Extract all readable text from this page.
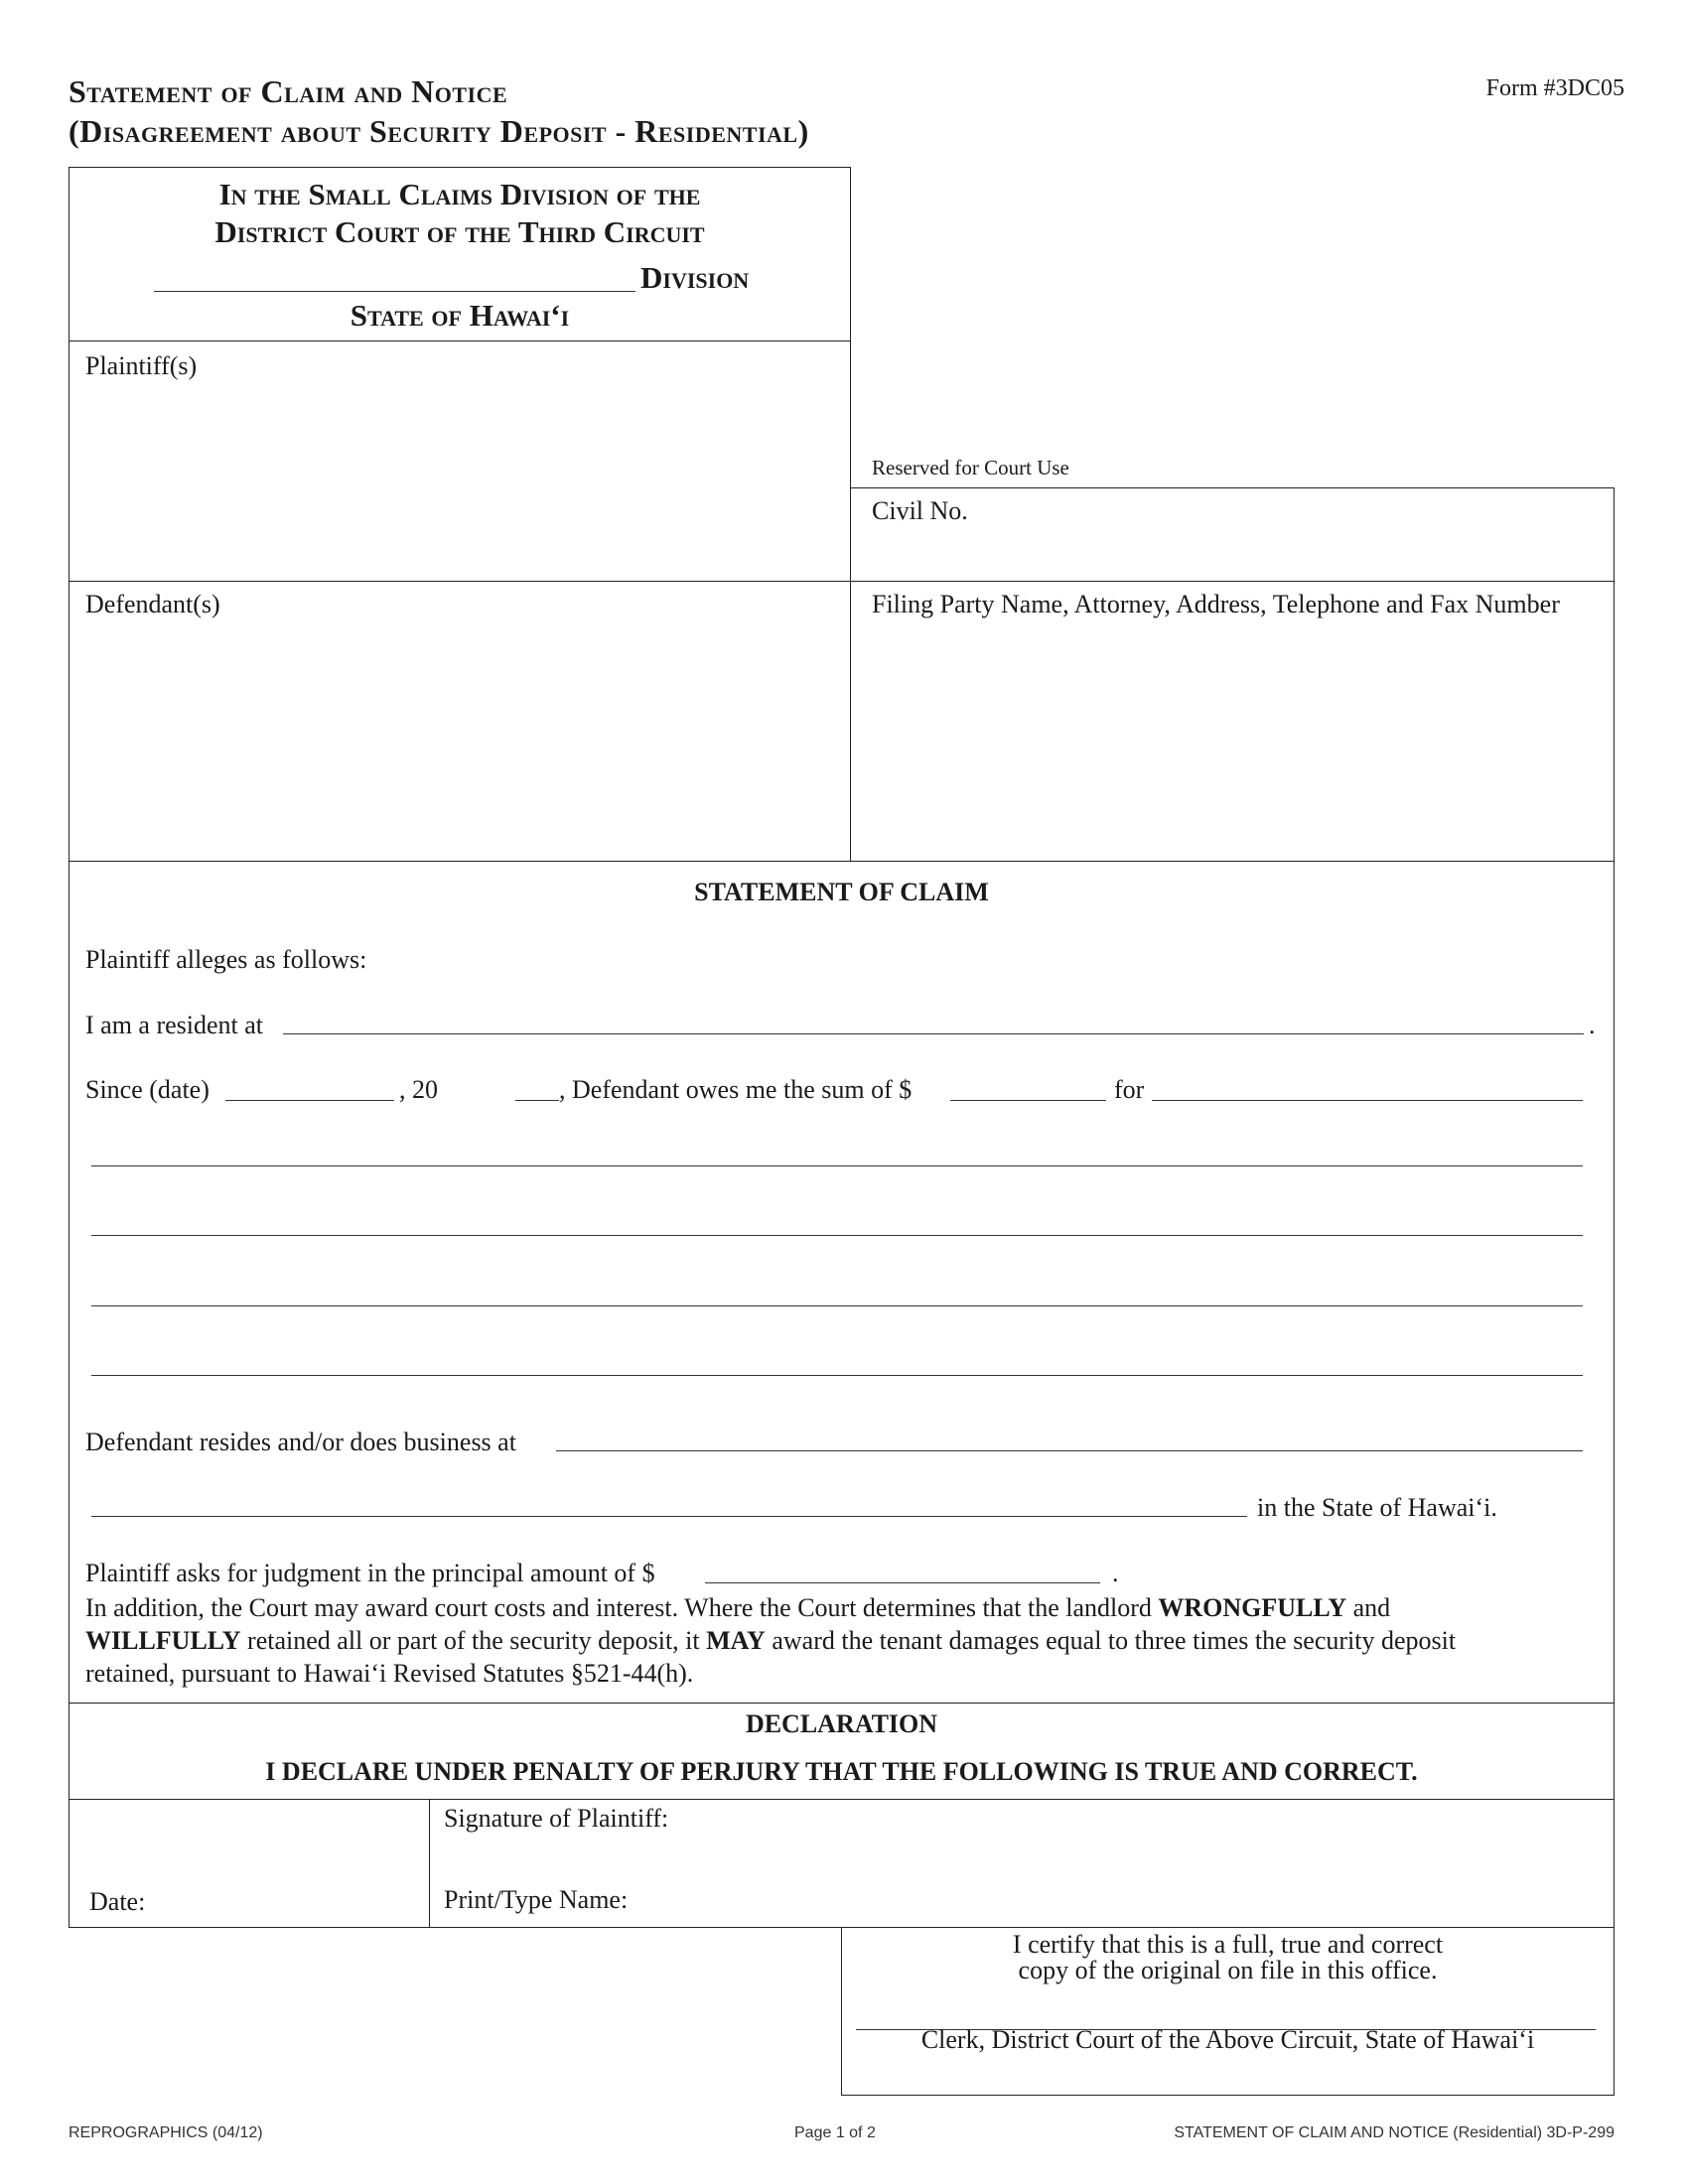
Statement of Claim and Notice
(Disagreement about Security Deposit - Residential)
Form #3DC05
In the Small Claims Division of the
District Court of the Third Circuit
Division
State of Hawai‘i
Plaintiff(s)
Defendant(s)
Reserved for Court Use
Civil No.
Filing Party Name, Attorney, Address, Telephone and Fax Number
STATEMENT OF CLAIM
Plaintiff alleges as follows:
I am a resident at	.
Since (date)	, 20	, Defendant owes me the sum of $	for
Defendant resides and/or does business at
in the State of Hawai‘i.
Plaintiff asks for judgment in the principal amount of $	.
In addition, the Court may award court costs and interest. Where the Court determines that the landlord WRONGFULLY and
WILLFULLY retained all or part of the security deposit, it MAY award the tenant damages equal to three times the security deposit
retained, pursuant to Hawai‘i Revised Statutes §521-44(h).
DECLARATION
I DECLARE UNDER PENALTY OF PERJURY THAT THE FOLLOWING IS TRUE AND CORRECT.
Date:
Signature of Plaintiff:
Print/Type Name:
I certify that this is a full, true and correct
copy of the original on file in this office.
Clerk, District Court of the Above Circuit, State of Hawai‘i
REPROGRAPHICS (04/12)	Page 1 of 2	STATEMENT OF CLAIM AND NOTICE (Residential) 3D-P-299
